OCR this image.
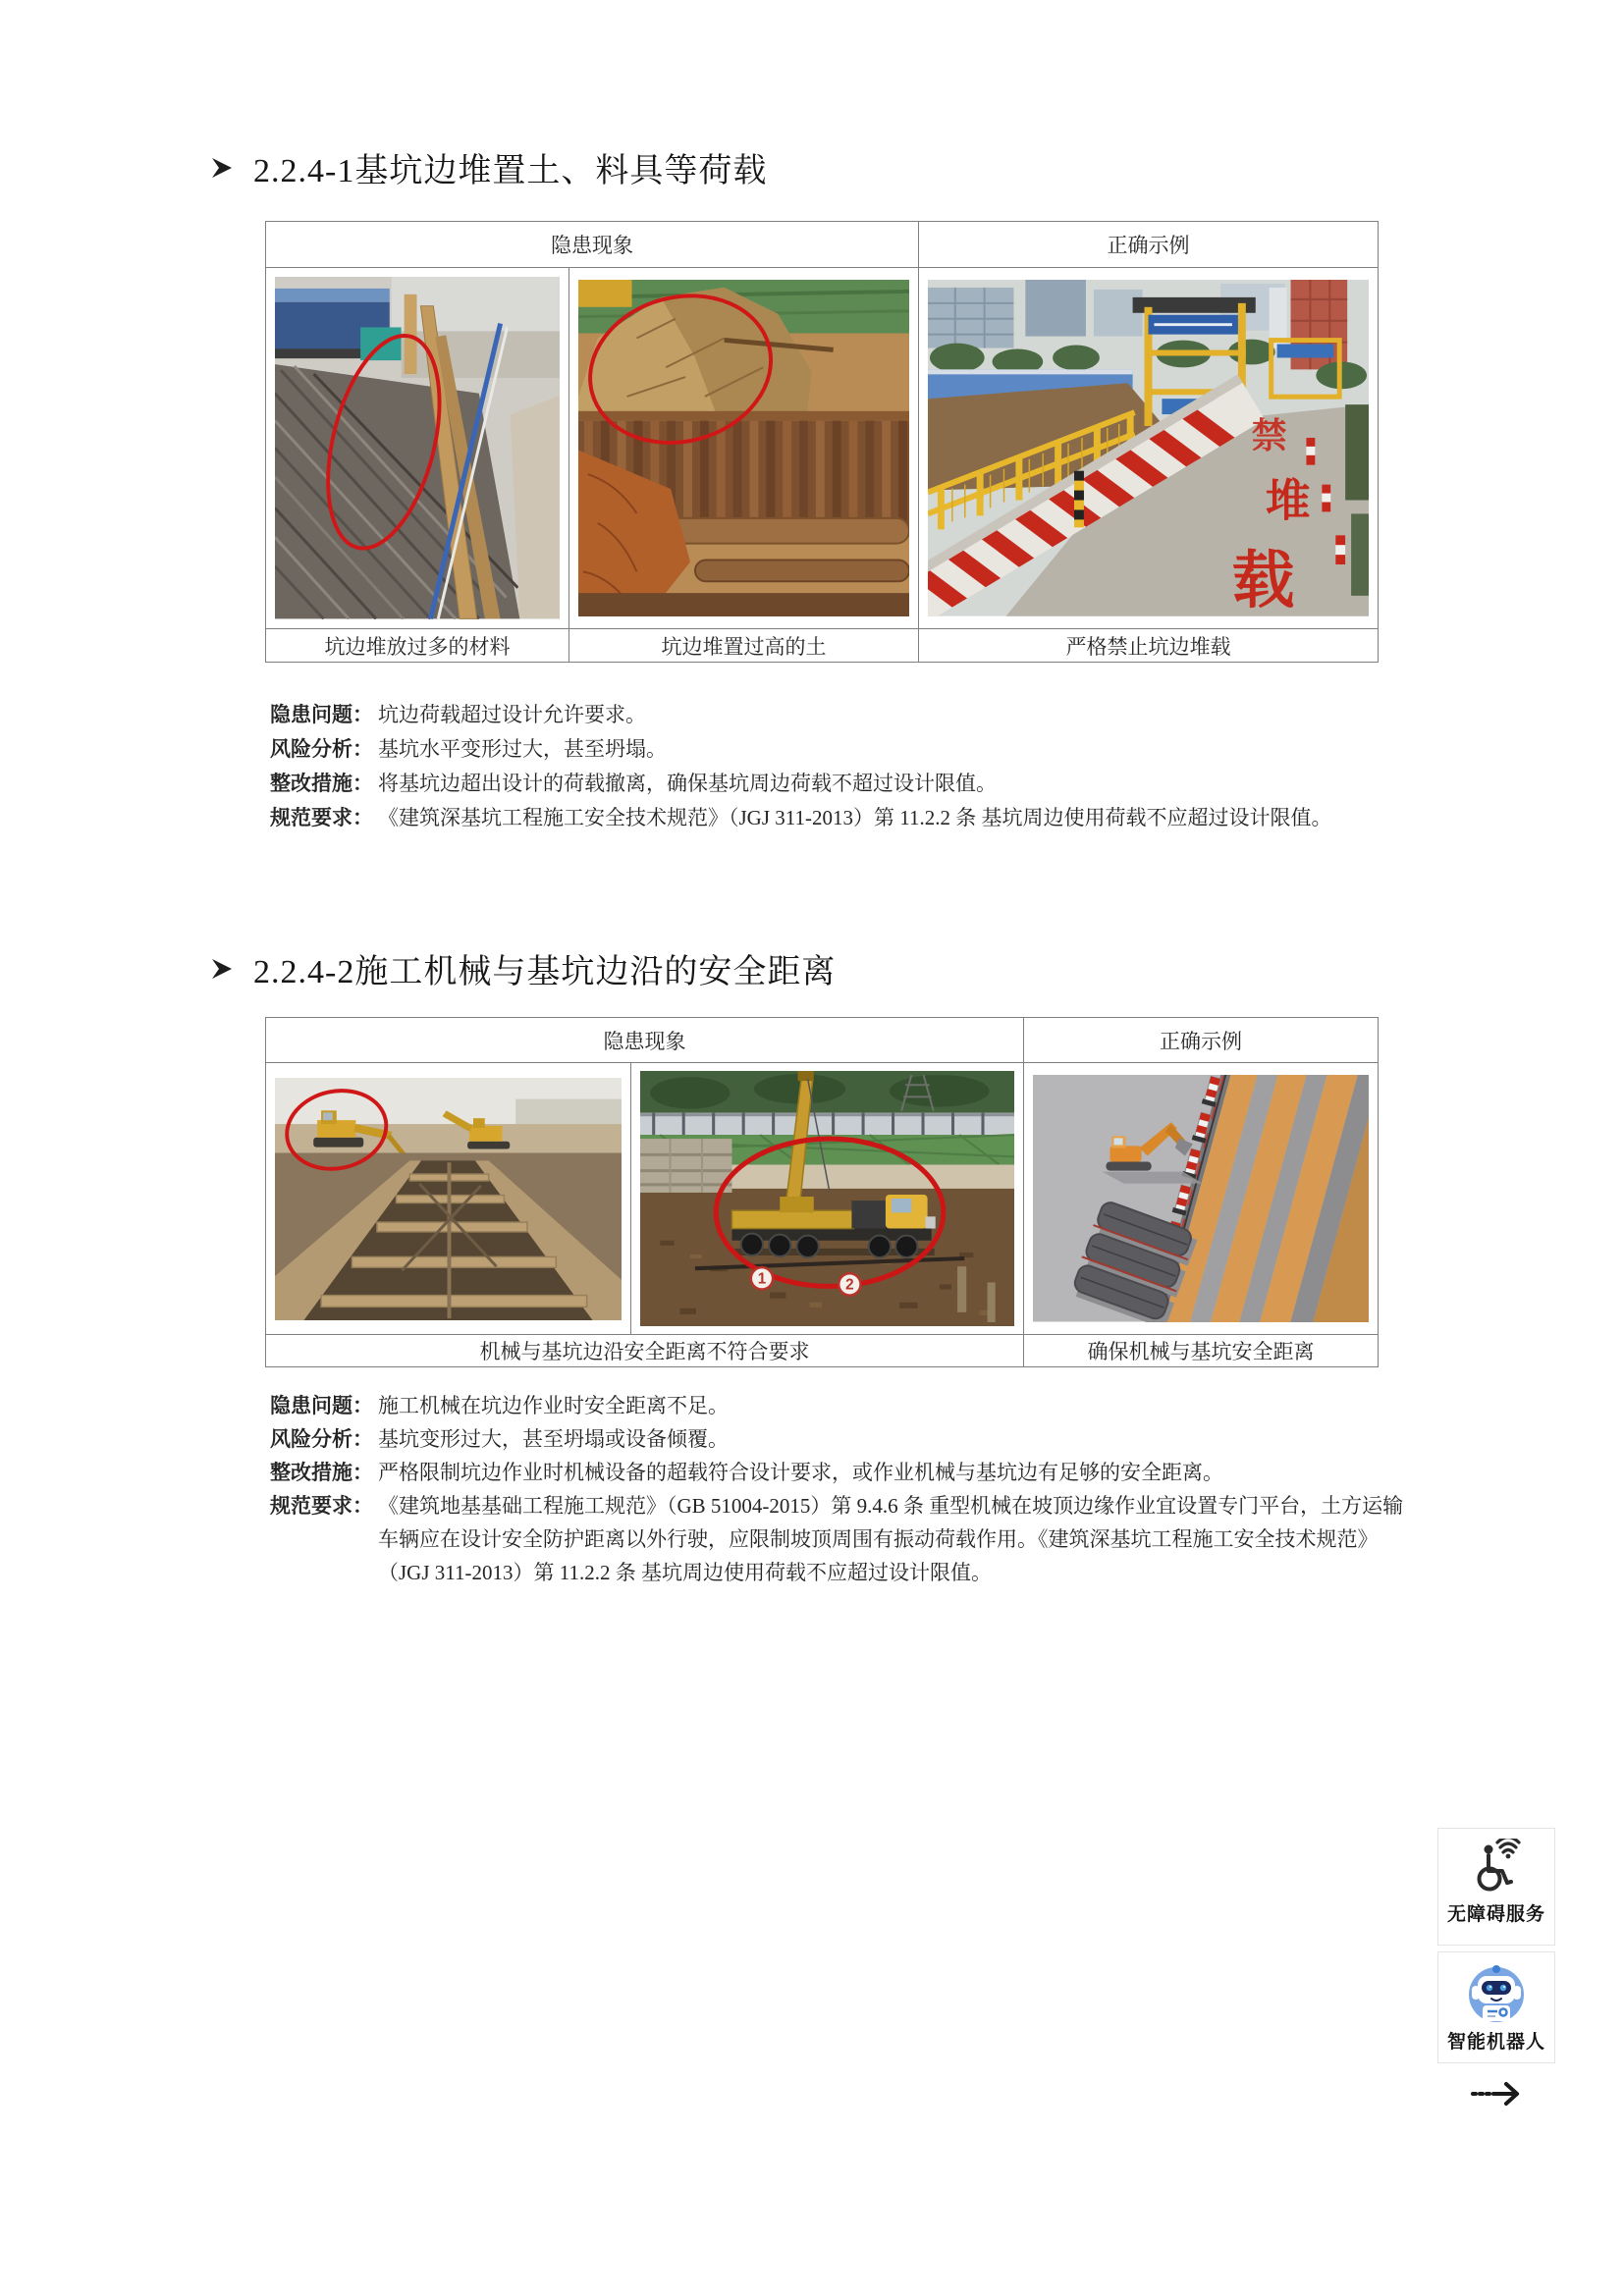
2.2.4-1基坑边堆置土、料具等荷载
隐患现象		正确示例

禁
堆
载

坑边堆放过多的材料	坑边堆置过高的土	严格禁止坑边堆载
隐患问题： 坑边荷载超过设计允许要求。
风险分析： 基坑水平变形过大，甚至坍塌。
整改措施： 将基坑边超出设计的荷载撤离，确保基坑周边荷载不超过设计限值。
规范要求： 《建筑深基坑工程施工安全技术规范》（JGJ 311-2013）第 11.2.2 条 基坑周边使用荷载不应超过设计限值。
2.2.4-2施工机械与基坑边沿的安全距离
隐患现象		正确示例

1 2

机械与基坑边沿安全距离不符合要求		确保机械与基坑安全距离
隐患问题： 施工机械在坑边作业时安全距离不足。
风险分析： 基坑变形过大，甚至坍塌或设备倾覆。
整改措施： 严格限制坑边作业时机械设备的超载符合设计要求，或作业机械与基坑边有足够的安全距离。
规范要求： 《建筑地基基础工程施工规范》（GB 51004-2015）第 9.4.6 条 重型机械在坡顶边缘作业宜设置专门平台，土方运输车辆应在设计安全防护距离以外行驶，应限制坡顶周围有振动荷载作用。《建筑深基坑工程施工安全技术规范》（JGJ 311-2013）第 11.2.2 条 基坑周边使用荷载不应超过设计限值。
无障碍服务
智能机器人
